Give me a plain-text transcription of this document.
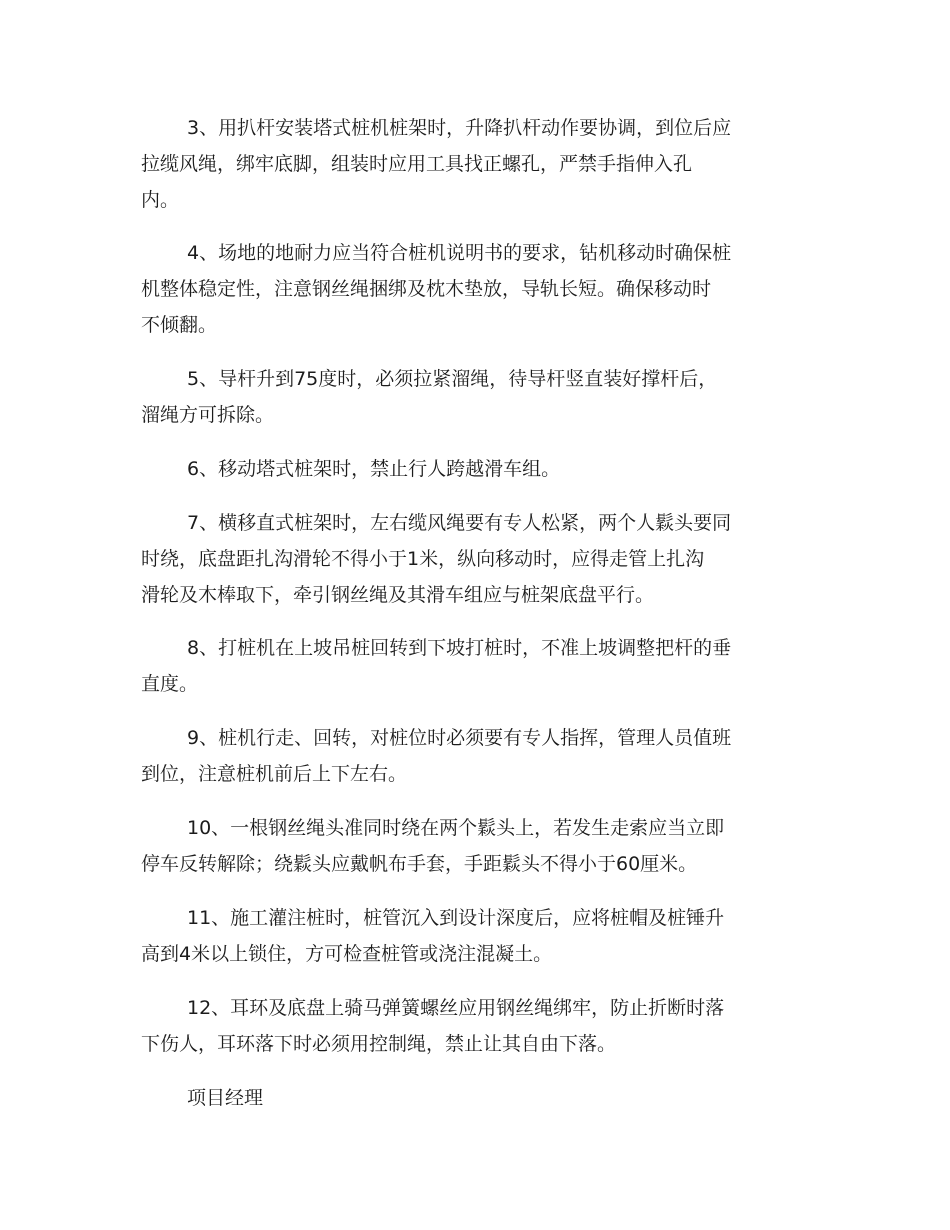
3、用扒杆安装塔式桩机桩架时，升降扒杆动作要协调，到位后应
拉缆风绳，绑牢底脚，组装时应用工具找正螺孔，严禁手指伸入孔
内。
4、场地的地耐力应当符合桩机说明书的要求，钻机移动时确保桩
机整体稳定性，注意钢丝绳捆绑及枕木垫放，导轨长短。确保移动时
不倾翻。
5、导杆升到75度时，必须拉紧溜绳，待导杆竖直装好撑杆后，
溜绳方可拆除。
6、移动塔式桩架时，禁止行人跨越滑车组。
7、横移直式桩架时，左右缆风绳要有专人松紧，两个人鬏头要同
时绕，底盘距扎沟滑轮不得小于1米，纵向移动时，应得走管上扎沟
滑轮及木棒取下，牵引钢丝绳及其滑车组应与桩架底盘平行。
8、打桩机在上坡吊桩回转到下坡打桩时，不准上坡调整把杆的垂
直度。
9、桩机行走、回转，对桩位时必须要有专人指挥，管理人员值班
到位，注意桩机前后上下左右。
10、一根钢丝绳头准同时绕在两个鬏头上，若发生走索应当立即
停车反转解除；绕鬏头应戴帆布手套，手距鬏头不得小于60厘米。
11、施工灌注桩时，桩管沉入到设计深度后，应将桩帽及桩锤升
高到4米以上锁住，方可检查桩管或浇注混凝土。
12、耳环及底盘上骑马弹簧螺丝应用钢丝绳绑牢，防止折断时落
下伤人，耳环落下时必须用控制绳，禁止让其自由下落。
项目经理
